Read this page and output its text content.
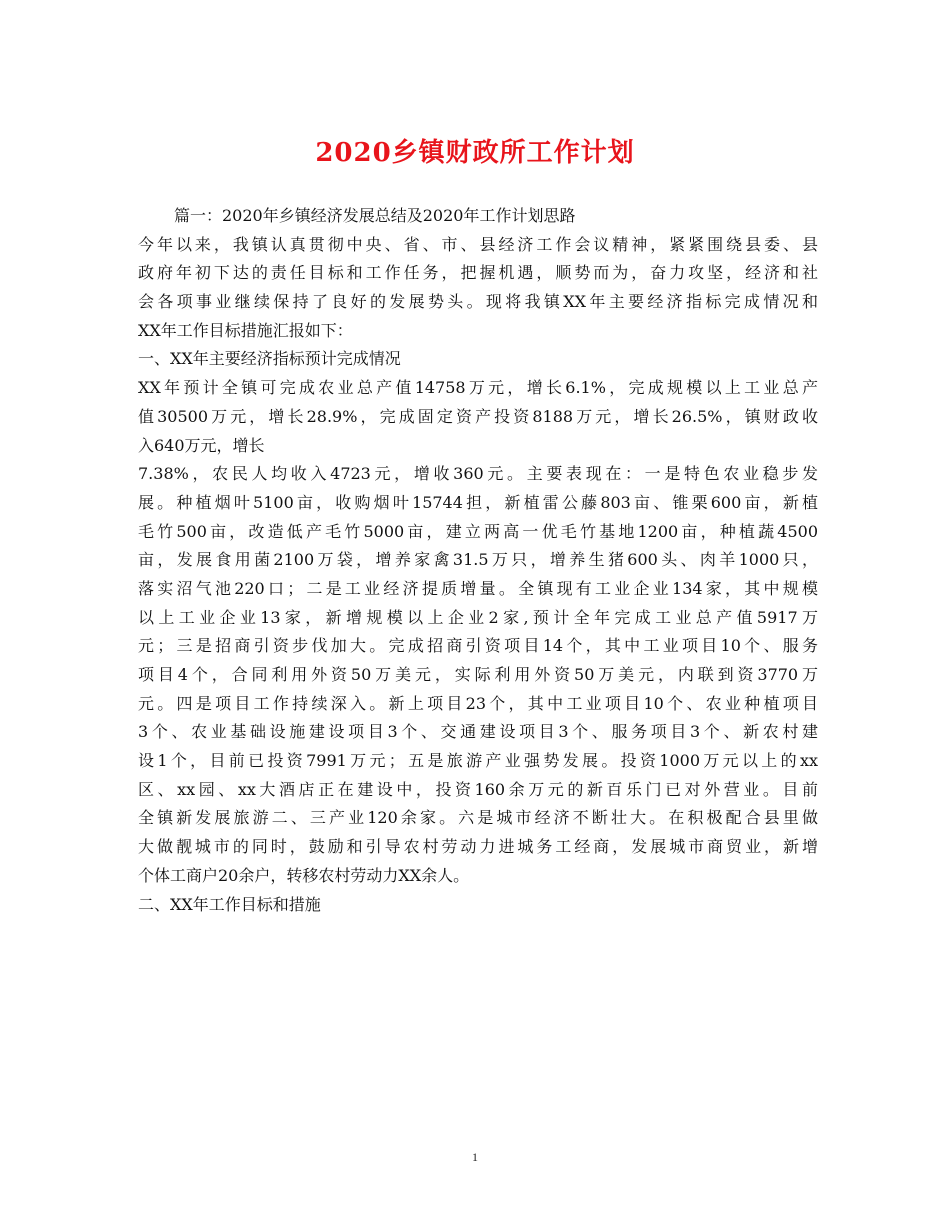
2020乡镇财政所工作计划
篇一：2020年乡镇经济发展总结及2020年工作计划思路
今年以来，我镇认真贯彻中央、省、市、县经济工作会议精神，紧紧围绕县委、县
政府年初下达的责任目标和工作任务，把握机遇，顺势而为，奋力攻坚，经济和社
会各项事业继续保持了良好的发展势头。现将我镇XX年主要经济指标完成情况和
XX年工作目标措施汇报如下：
一、XX年主要经济指标预计完成情况
XX年预计全镇可完成农业总产值14758万元，增长6.1%，完成规模以上工业总产
值30500万元，增长28.9%，完成固定资产投资8188万元，增长26.5%，镇财政收
入640万元，增长
7.38%，农民人均收入4723元，增收360元。主要表现在：一是特色农业稳步发
展。种植烟叶5100亩，收购烟叶15744担，新植雷公藤803亩、锥栗600亩，新植
毛竹500亩，改造低产毛竹5000亩，建立两高一优毛竹基地1200亩，种植蔬4500
亩，发展食用菌2100万袋，增养家禽31.5万只，增养生猪600头、肉羊1000只，
落实沼气池220口；二是工业经济提质增量。全镇现有工业企业134家，其中规模
以上工业企业13家，新增规模以上企业2家,预计全年完成工业总产值5917万
元；三是招商引资步伐加大。完成招商引资项目14个，其中工业项目10个、服务
项目4个，合同利用外资50万美元，实际利用外资50万美元，内联到资3770万
元。四是项目工作持续深入。新上项目23个，其中工业项目10个、农业种植项目
3个、农业基础设施建设项目3个、交通建设项目3个、服务项目3个、新农村建
设1个，目前已投资7991万元；五是旅游产业强势发展。投资1000万元以上的xx
区、xx园、xx大酒店正在建设中，投资160余万元的新百乐门已对外营业。目前
全镇新发展旅游二、三产业120余家。六是城市经济不断壮大。在积极配合县里做
大做靓城市的同时，鼓励和引导农村劳动力进城务工经商，发展城市商贸业，新增
个体工商户20余户，转移农村劳动力XX余人。
二、XX年工作目标和措施
1
